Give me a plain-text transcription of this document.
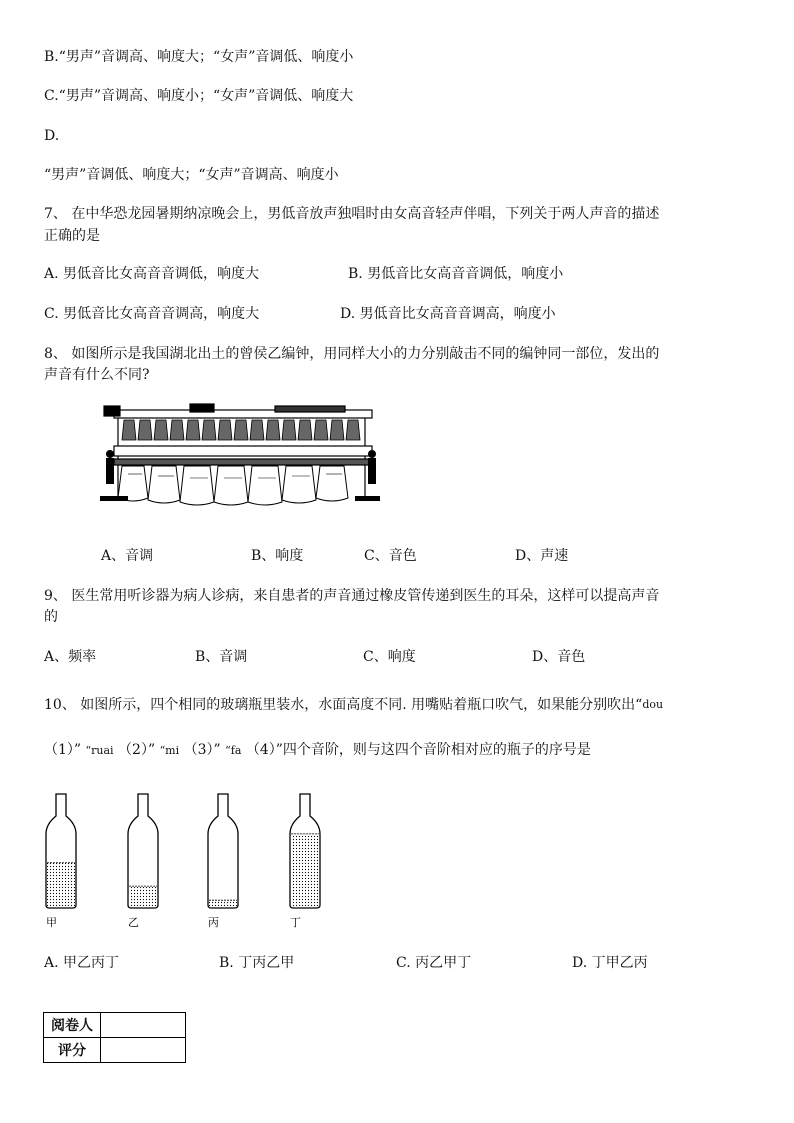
B.“男声”音调高、响度大；“女声”音调低、响度小
C.“男声”音调高、响度小；“女声”音调低、响度大
D.
“男声”音调低、响度大；“女声”音调高、响度小
7、 在中华恐龙园暑期纳凉晚会上，男低音放声独唱时由女高音轻声伴唱，下列关于两人声音的描述
正确的是
A. 男低音比女高音音调低，响度大	B. 男低音比女高音音调低，响度小
C. 男低音比女高音音调高，响度大	D. 男低音比女高音音调高，响度小
8、 如图所示是我国湖北出土的曾侯乙编钟，用同样大小的力分别敲击不同的编钟同一部位，发出的
声音有什么不同?
A、音调	B、响度	C、音色	D、声速
9、 医生常用听诊器为病人诊病，来自患者的声音通过橡皮管传递到医生的耳朵，这样可以提高声音
的
A、频率	B、音调	C、响度	D、音色
10、 如图所示，四个相同的玻璃瓶里装水，水面高度不同. 用嘴贴着瓶口吹气，如果能分别吹出“$^{dou}$
（1）” “ruai （2）” “mi （3）” “fa （4）”四个音阶，则与这四个音阶相对应的瓶子的序号是
甲	乙	丙	丁
A. 甲乙丙丁	B. 丁丙乙甲	C. 丙乙甲丁	D. 丁甲乙丙
阅卷人	
评分	
